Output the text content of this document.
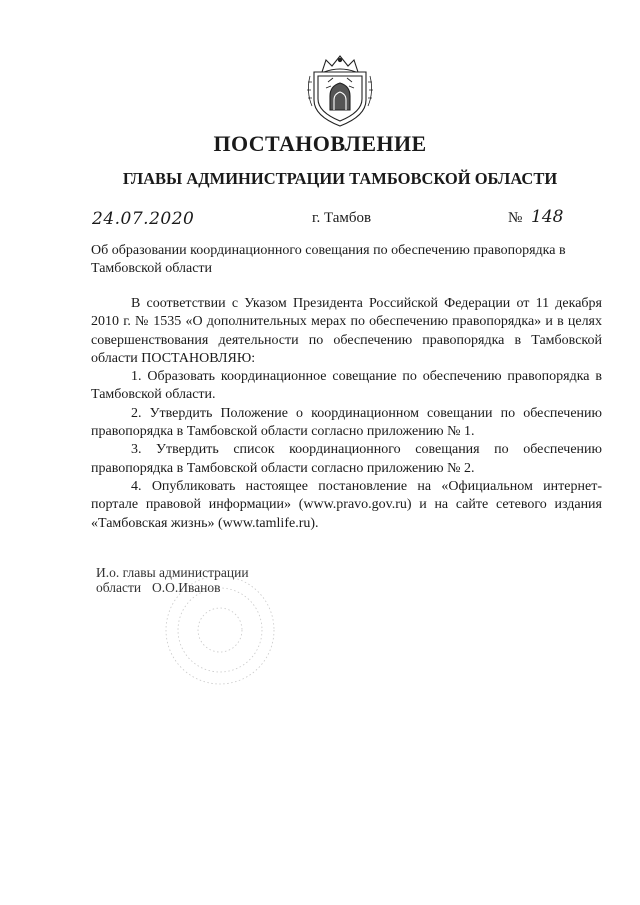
ПОСТАНОВЛЕНИЕ
ГЛАВЫ АДМИНИСТРАЦИИ ТАМБОВСКОЙ ОБЛАСТИ
24.07.2020	г. Тамбов	№ 148
Об образовании координационного совещания по обеспечению правопорядка в Тамбовской области

В соответствии с Указом Президента Российской Федерации от 11 декабря 2010 г. № 1535 «О дополнительных мерах по обеспечению правопорядка» и в целях совершенствования деятельности по обеспечению правопорядка в Тамбовской области ПОСТАНОВЛЯЮ:

1. Образовать координационное совещание по обеспечению правопорядка в Тамбовской области.

2. Утвердить Положение о координационном совещании по обеспечению правопорядка в Тамбовской области согласно приложению № 1.

3. Утвердить список координационного совещания по обеспечению правопорядка в Тамбовской области согласно приложению № 2.

4. Опубликовать настоящее постановление на «Официальном интернет-портале правовой информации» (www.pravo.gov.ru) и на сайте сетевого издания «Тамбовская жизнь» (www.tamlife.ru).

И.о. главы администрации
области О.О.Иванов
